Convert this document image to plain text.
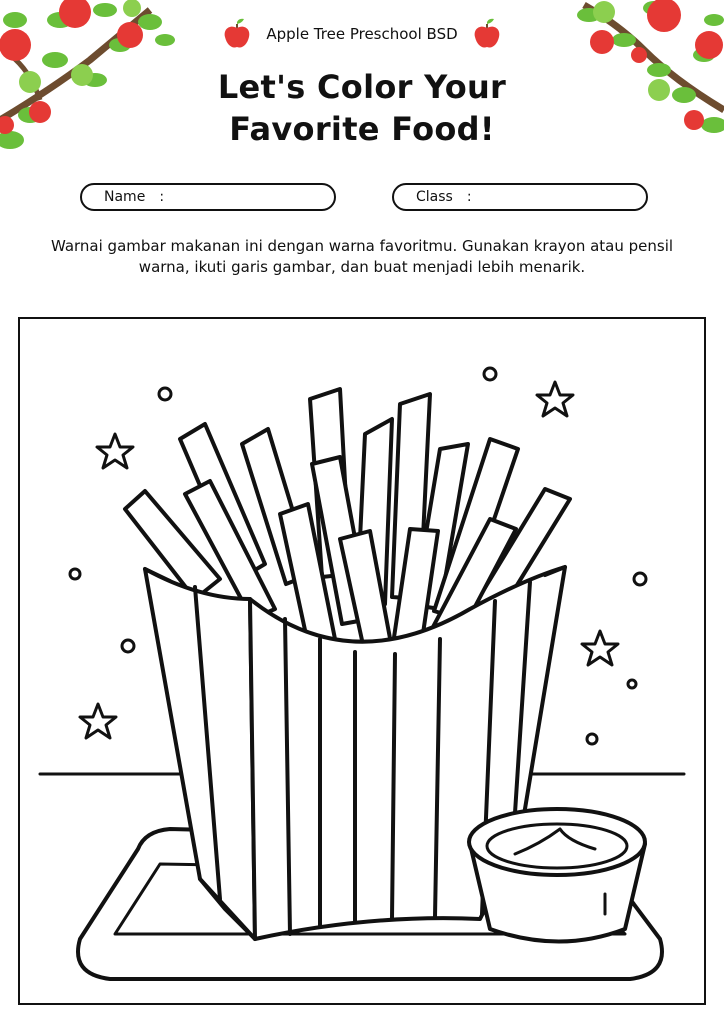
Apple Tree Preschool BSD
Let's Color Your
Favorite Food!
Name :	Class :
Warnai gambar makanan ini dengan warna favoritmu. Gunakan krayon atau pensil warna, ikuti garis gambar, dan buat menjadi lebih menarik.
